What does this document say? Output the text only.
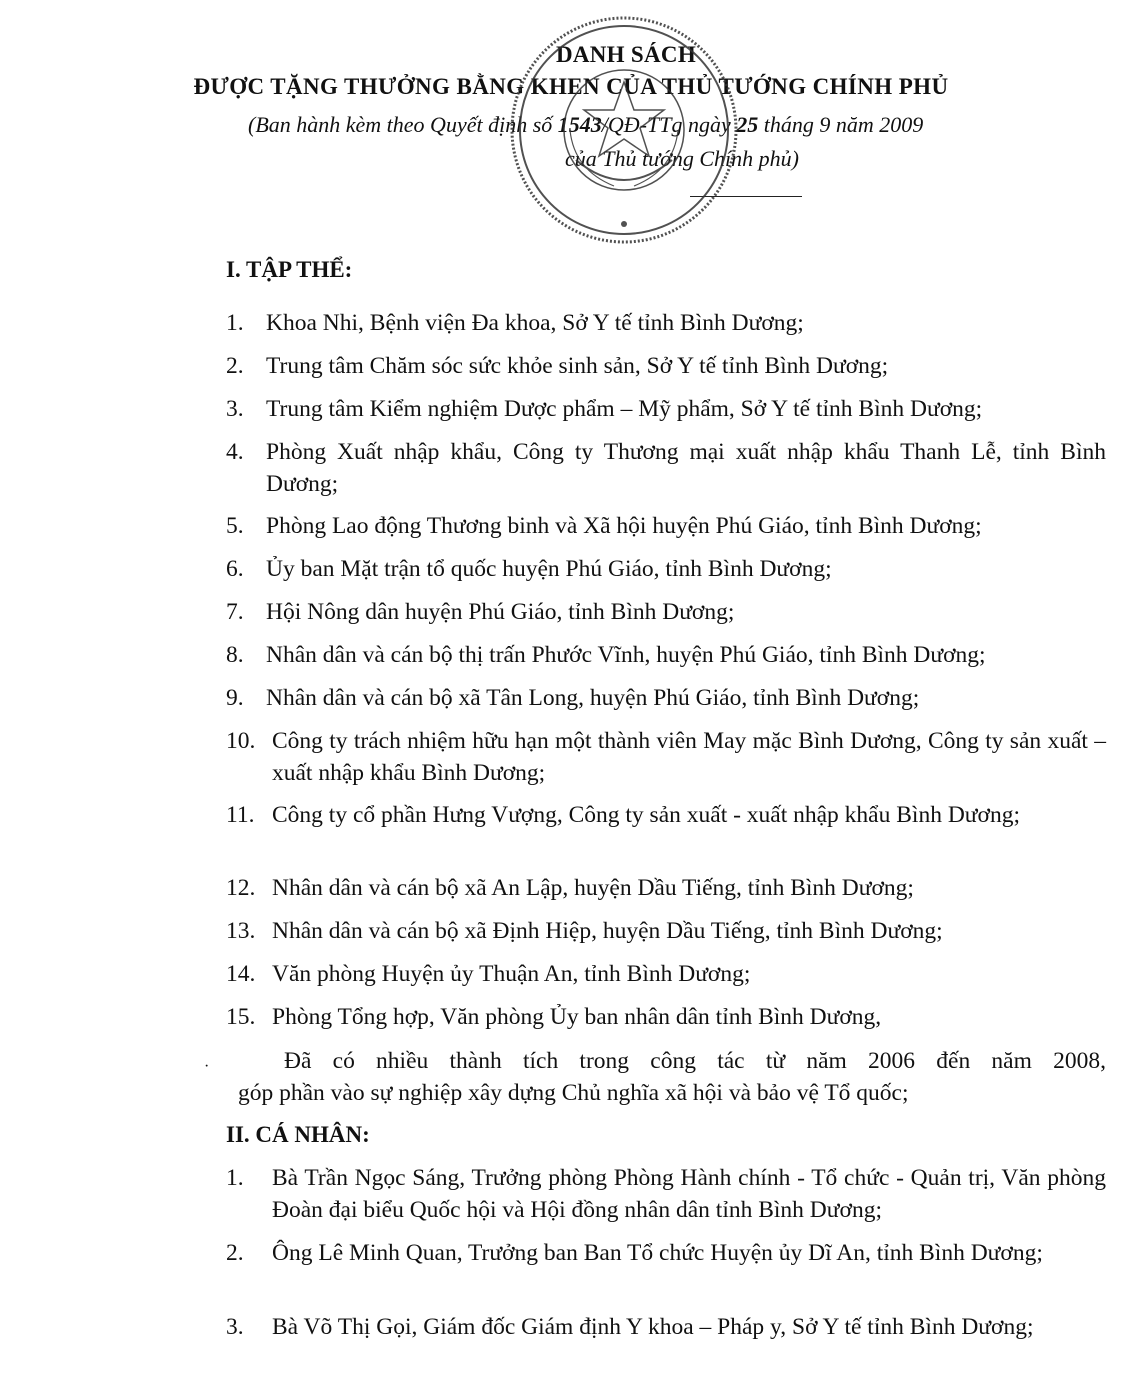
DANH SÁCH
ĐƯỢC TẶNG THƯỞNG BẰNG KHEN CỦA THỦ TƯỚNG CHÍNH PHỦ
(Ban hành kèm theo Quyết định số 1543/QĐ-TTg ngày 25 tháng 9 năm 2009
của Thủ tướng Chính phủ)
I. TẬP THỂ:
1. Khoa Nhi, Bệnh viện Đa khoa, Sở Y tế tỉnh Bình Dương;
2. Trung tâm Chăm sóc sức khỏe sinh sản, Sở Y tế tỉnh Bình Dương;
3. Trung tâm Kiểm nghiệm Dược phẩm – Mỹ phẩm, Sở Y tế tỉnh Bình Dương;
4. Phòng Xuất nhập khẩu, Công ty Thương mại xuất nhập khẩu Thanh Lễ, tỉnh Bình Dương;
5. Phòng Lao động Thương binh và Xã hội huyện Phú Giáo, tỉnh Bình Dương;
6. Ủy ban Mặt trận tổ quốc huyện Phú Giáo, tỉnh Bình Dương;
7. Hội Nông dân huyện Phú Giáo, tỉnh Bình Dương;
8. Nhân dân và cán bộ thị trấn Phước Vĩnh, huyện Phú Giáo, tỉnh Bình Dương;
9. Nhân dân và cán bộ xã Tân Long, huyện Phú Giáo, tỉnh Bình Dương;
10. Công ty trách nhiệm hữu hạn một thành viên May mặc Bình Dương, Công ty sản xuất – xuất nhập khẩu Bình Dương;
11. Công ty cổ phần Hưng Vượng, Công ty sản xuất - xuất nhập khẩu Bình Dương;
12. Nhân dân và cán bộ xã An Lập, huyện Dầu Tiếng, tỉnh Bình Dương;
13. Nhân dân và cán bộ xã Định Hiệp, huyện Dầu Tiếng, tỉnh Bình Dương;
14. Văn phòng Huyện ủy Thuận An, tỉnh Bình Dương;
15. Phòng Tổng hợp, Văn phòng Ủy ban nhân dân tỉnh Bình Dương,
Đã có nhiều thành tích trong công tác từ năm 2006 đến năm 2008,
góp phần vào sự nghiệp xây dựng Chủ nghĩa xã hội và bảo vệ Tổ quốc;
·
II. CÁ NHÂN:
1.	Bà Trần Ngọc Sáng, Trưởng phòng Phòng Hành chính - Tổ chức - Quản trị, Văn phòng Đoàn đại biểu Quốc hội và Hội đồng nhân dân tỉnh Bình Dương;
2.	Ông Lê Minh Quan, Trưởng ban Ban Tổ chức Huyện ủy Dĩ An, tỉnh Bình Dương;
3.	Bà Võ Thị Gọi, Giám đốc Giám định Y khoa – Pháp y, Sở Y tế tỉnh Bình Dương;
